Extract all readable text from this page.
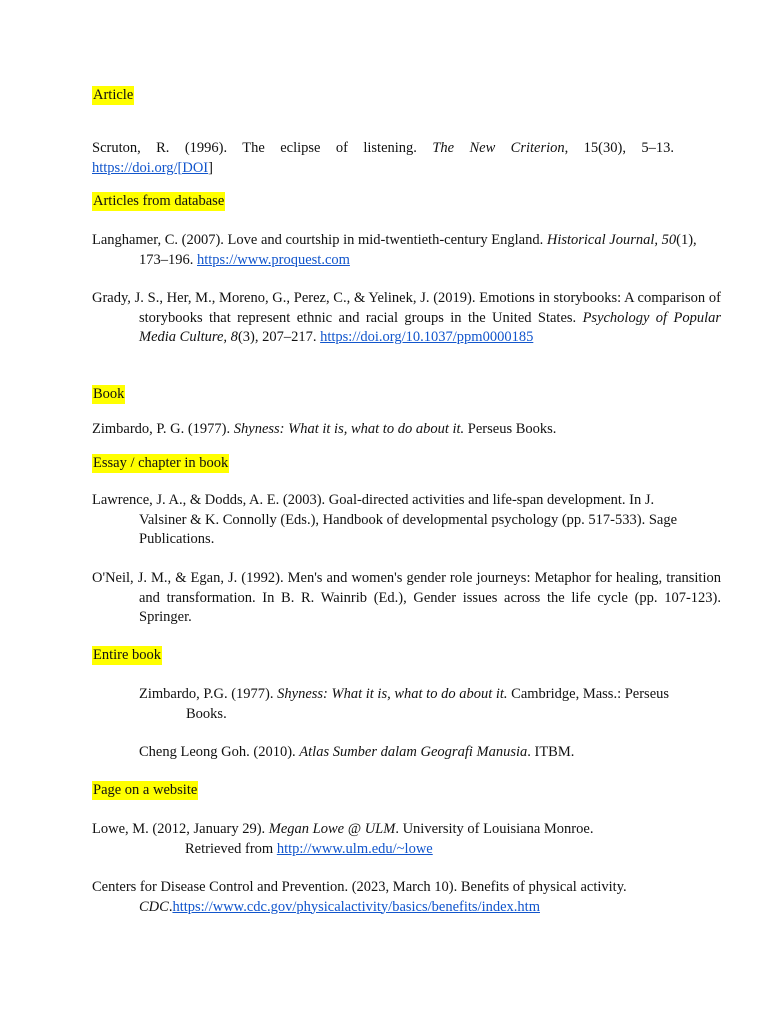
Article
Scruton, R. (1996). The eclipse of listening. The New Criterion, 15(30), 5–13.
https://doi.org/[DOI]
Articles from database
Langhamer, C. (2007). Love and courtship in mid-twentieth-century England. Historical Journal, 50(1), 173–196. https://www.proquest.com
Grady, J. S., Her, M., Moreno, G., Perez, C., & Yelinek, J. (2019). Emotions in storybooks: A comparison of storybooks that represent ethnic and racial groups in the United States. Psychology of Popular Media Culture, 8(3), 207–217. https://doi.org/10.1037/ppm0000185
Book
Zimbardo, P. G. (1977). Shyness: What it is, what to do about it. Perseus Books.
Essay / chapter in book
Lawrence, J. A., & Dodds, A. E. (2003). Goal-directed activities and life-span development. In J. Valsiner & K. Connolly (Eds.), Handbook of developmental psychology (pp. 517-533). Sage Publications.
O'Neil, J. M., & Egan, J. (1992). Men's and women's gender role journeys: Metaphor for healing, transition and transformation. In B. R. Wainrib (Ed.), Gender issues across the life cycle (pp. 107-123). Springer.
Entire book
Zimbardo, P.G. (1977). Shyness: What it is, what to do about it. Cambridge, Mass.: Perseus Books.
Cheng Leong Goh. (2010). Atlas Sumber dalam Geografi Manusia. ITBM.
Page on a website
Lowe, M. (2012, January 29). Megan Lowe @ ULM. University of Louisiana Monroe.
Retrieved from http://www.ulm.edu/~lowe
Centers for Disease Control and Prevention. (2023, March 10). Benefits of physical activity. CDC.https://www.cdc.gov/physicalactivity/basics/benefits/index.htm
